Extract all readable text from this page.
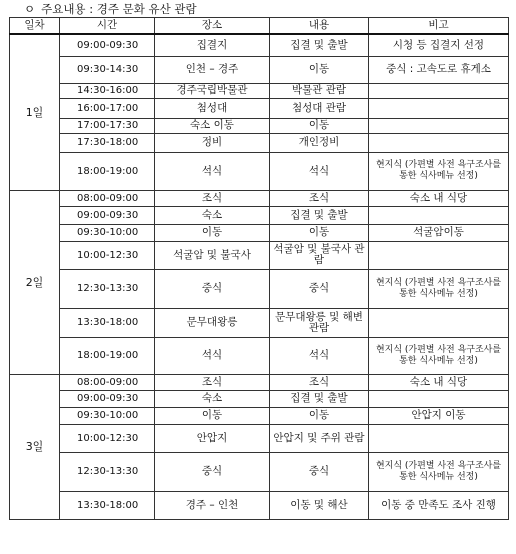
ㅇ 주요내용 : 경주 문화 유산 관람
일차	시간	장소	내용	비고
1일	09:00-09:30	집결지	집결 및 출발	시청 등 집결지 선정
	09:30-14:30	인천 – 경주	이동	중식 : 고속도로 휴게소
	14:30-16:00	경주국립박물관	박물관 관람	
	16:00-17:00	첨성대	첨성대 관람	
	17:00-17:30	숙소 이동	이동	
	17:30-18:00	정비	개인정비	
	18:00-19:00	석식	석식	현지식 (가편별 사전 욕구조사를 통한 식사메뉴 선정)
2일	08:00-09:00	조식	조식	숙소 내 식당
	09:00-09:30	숙소	집결 및 출발	
	09:30-10:00	이동	이동	석굴암이동
	10:00-12:30	석굴암 및 불국사	석굴암 및 불국사 관람	
	12:30-13:30	중식	중식	현지식 (가편별 사전 욕구조사를 통한 식사메뉴 선정)
	13:30-18:00	문무대왕릉	문무대왕릉 및 해변 관람	
	18:00-19:00	석식	석식	현지식 (가편별 사전 욕구조사를 통한 식사메뉴 선정)
3일	08:00-09:00	조식	조식	숙소 내 식당
	09:00-09:30	숙소	집결 및 출발	
	09:30-10:00	이동	이동	안압지 이동
	10:00-12:30	안압지	안압지 및 주위 관람	
	12:30-13:30	중식	중식	현지식 (가편별 사전 욕구조사를 통한 식사메뉴 선정)
	13:30-18:00	경주 – 인천	이동 및 해산	이동 중 만족도 조사 진행
